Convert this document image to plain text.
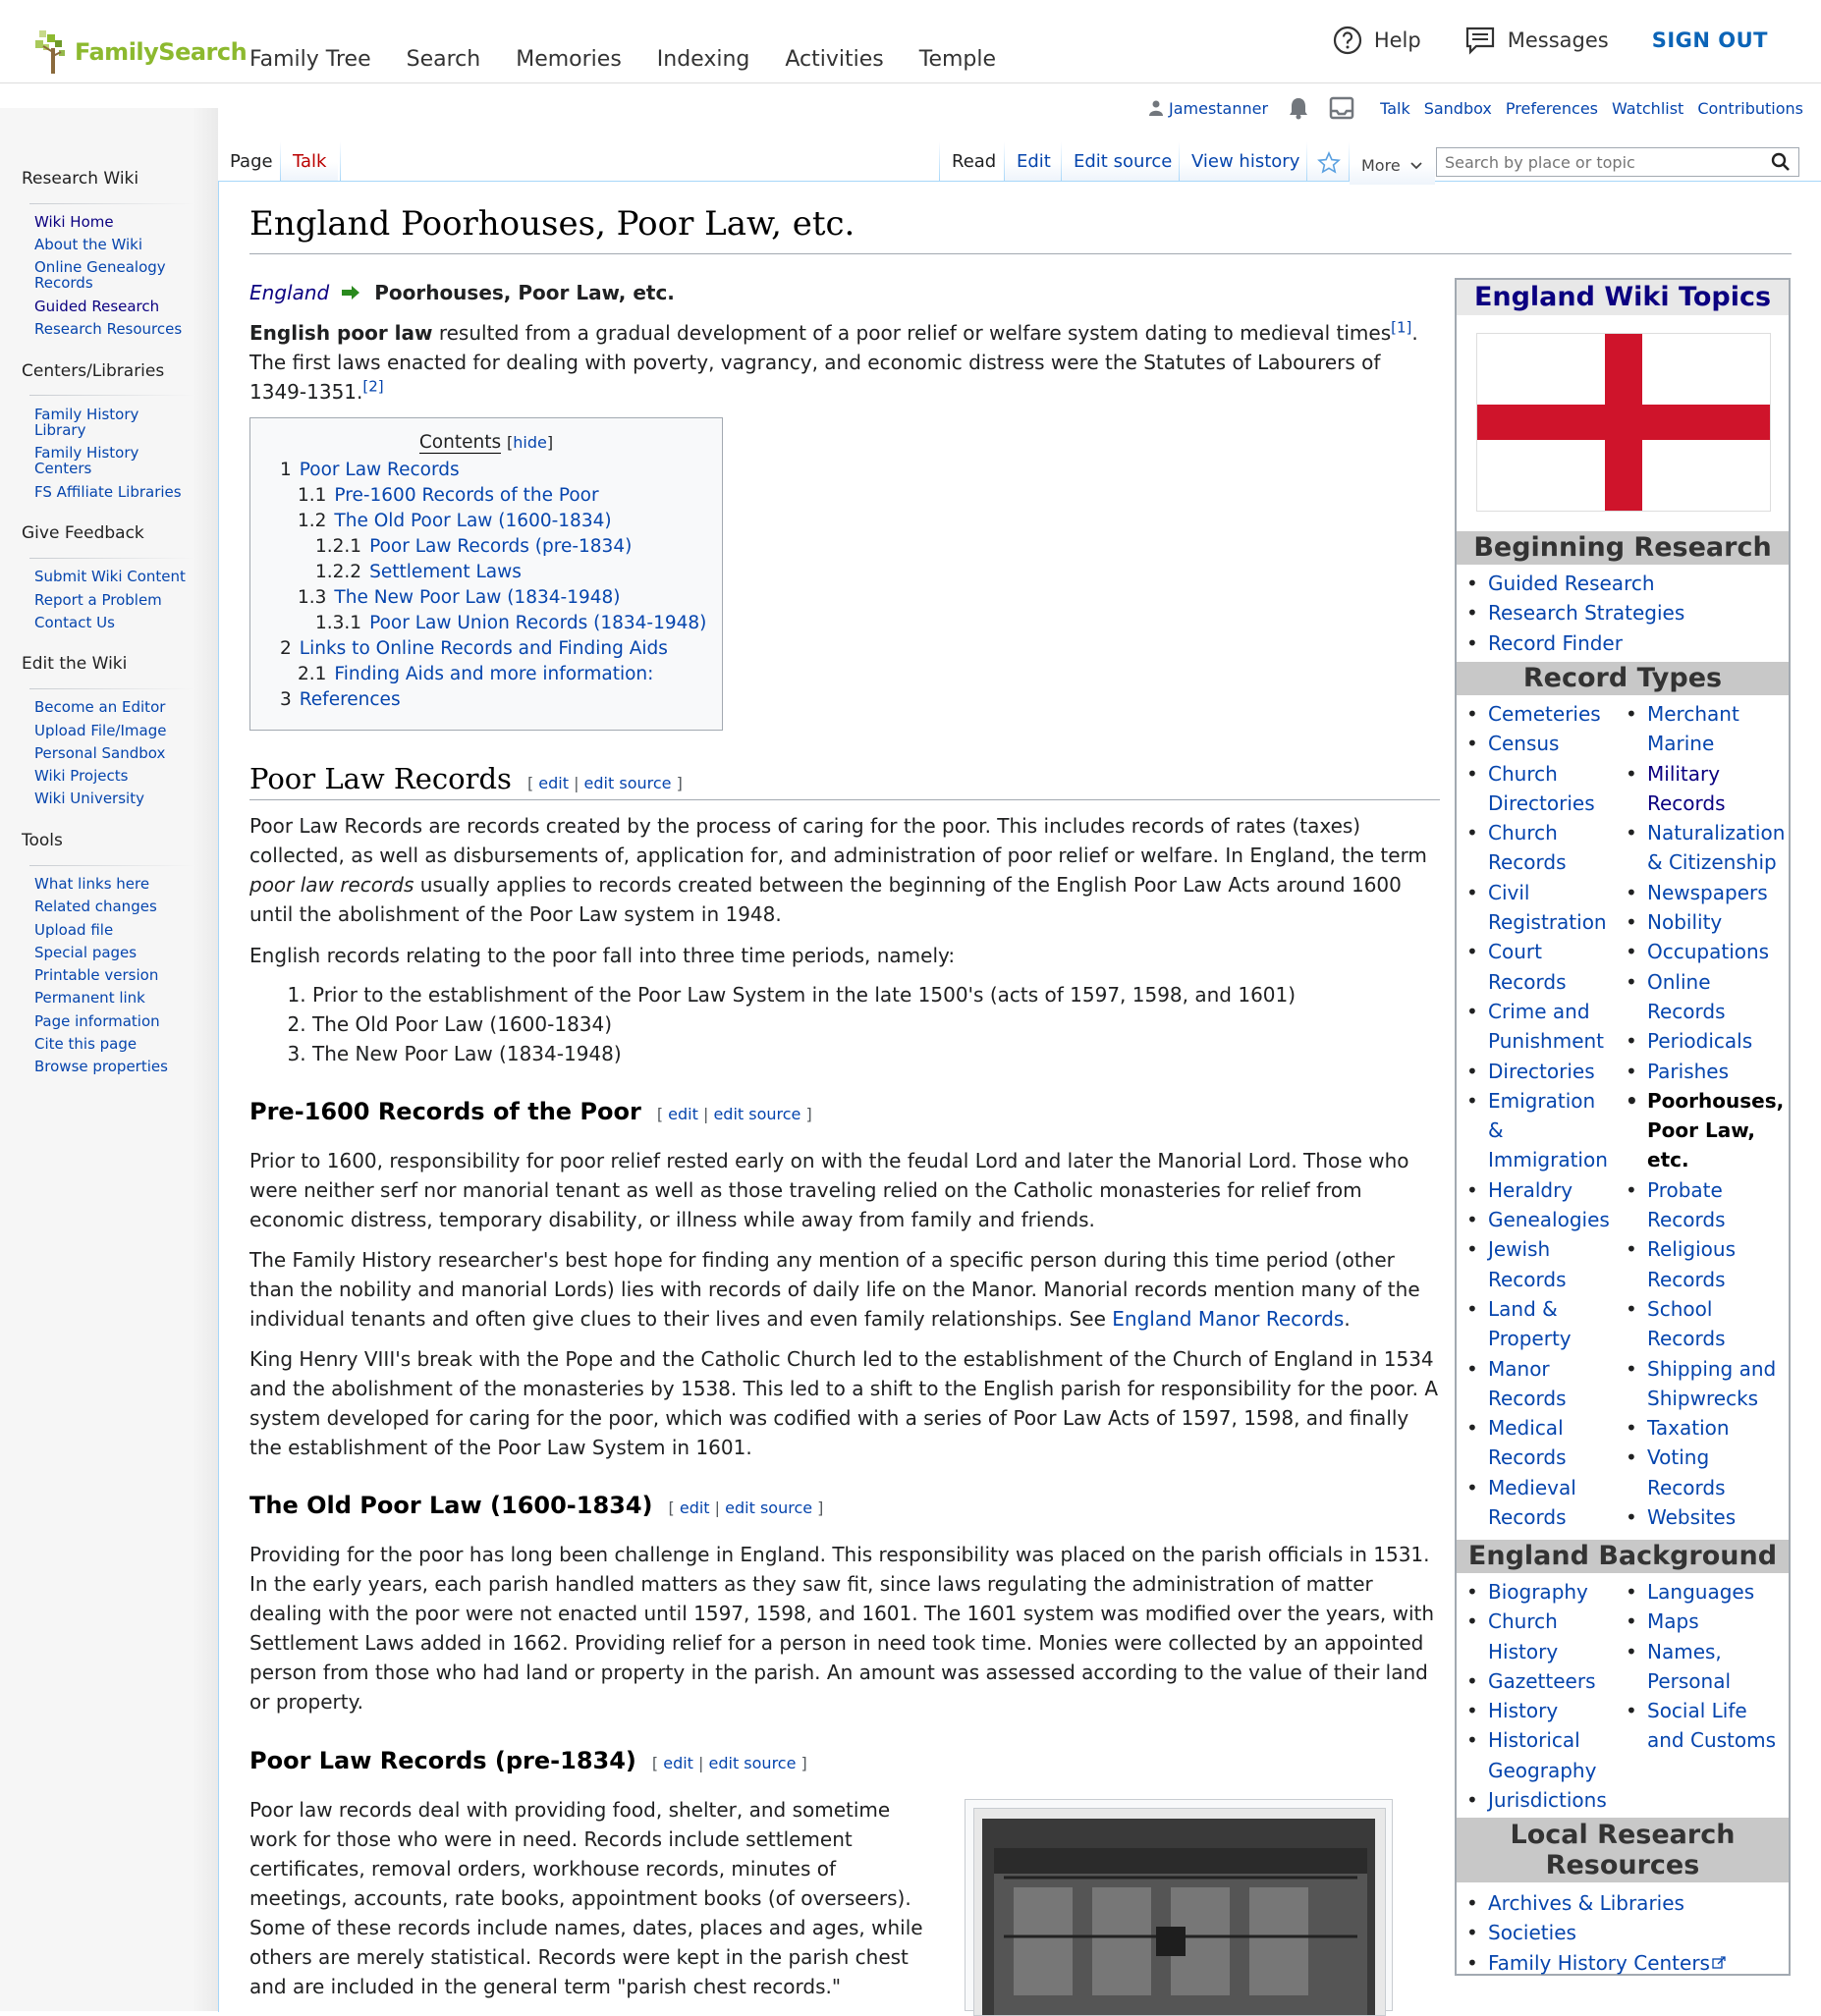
FamilySearch Family Tree Search Memories Indexing Activities Temple
Help	Messages SIGN OUT
Jamestanner	Talk Sandbox Preferences Watchlist Contributions
Research Wiki
Wiki Home
About the Wiki
Online Genealogy Records
Guided Research
Research Resources
Centers/Libraries
Family History Library
Family History Centers
FS Affiliate Libraries
Give Feedback
Submit Wiki Content
Report a Problem
Contact Us
Edit the Wiki
Become an Editor
Upload File/Image
Personal Sandbox
Wiki Projects
Wiki University
Tools
What links here
Related changes
Upload file
Special pages
Printable version
Permanent link
Page information
Cite this page
Browse properties
Page	Talk	Read	Edit	Edit source	View history	More
Search by place or topic
England Poorhouses, Poor Law, etc.
England Poorhouses, Poor Law, etc.

English poor law resulted from a gradual development of a poor relief or welfare system dating to medieval times[1]. The first laws enacted for dealing with poverty, vagrancy, and economic distress were the Statutes of Labourers of 1349-1351.[2]

Contents [hide]
1 Poor Law Records
1.1 Pre-1600 Records of the Poor
1.2 The Old Poor Law (1600-1834)
1.2.1 Poor Law Records (pre-1834)
1.2.2 Settlement Laws
1.3 The New Poor Law (1834-1948)
1.3.1 Poor Law Union Records (1834-1948)
2 Links to Online Records and Finding Aids
2.1 Finding Aids and more information:
3 References
Poor Law Records [ edit | edit source ]

Poor Law Records are records created by the process of caring for the poor. This includes records of rates (taxes) collected, as well as disbursements of, application for, and administration of poor relief or welfare. In England, the term poor law records usually applies to records created between the beginning of the English Poor Law Acts around 1600 until the abolishment of the Poor Law system in 1948.

English records relating to the poor fall into three time periods, namely:
1. Prior to the establishment of the Poor Law System in the late 1500's (acts of 1597, 1598, and 1601)
2. The Old Poor Law (1600-1834)
3. The New Poor Law (1834-1948)
Pre-1600 Records of the Poor [ edit | edit source ]
Prior to 1600, responsibility for poor relief rested early on with the feudal Lord and later the Manorial Lord. Those who were neither serf nor manorial tenant as well as those traveling relied on the Catholic monasteries for relief from economic distress, temporary disability, or illness while away from family and friends.

The Family History researcher's best hope for finding any mention of a specific person during this time period (other than the nobility and manorial Lords) lies with records of daily life on the Manor. Manorial records mention many of the individual tenants and often give clues to their lives and even family relationships. See England Manor Records.

King Henry VIII's break with the Pope and the Catholic Church led to the establishment of the Church of England in 1534 and the abolishment of the monasteries by 1538. This led to a shift to the English parish for responsibility for the poor. A system developed for caring for the poor, which was codified with a series of Poor Law Acts of 1597, 1598, and finally the establishment of the Poor Law System in 1601.
The Old Poor Law (1600-1834) [ edit | edit source ]
Providing for the poor has long been challenge in England. This responsibility was placed on the parish officials in 1531. In the early years, each parish handled matters as they saw fit, since laws regulating the administration of matter dealing with the poor were not enacted until 1597, 1598, and 1601. The 1601 system was modified over the years, with Settlement Laws added in 1662. Providing relief for a person in need took time. Monies were collected by an appointed person from those who had land or property in the parish. An amount was assessed according to the value of their land or property.
Poor Law Records (pre-1834) [ edit | edit source ]
Poor law records deal with providing food, shelter, and sometime work for those who were in need. Records include settlement certificates, removal orders, workhouse records, minutes of meetings, accounts, rate books, appointment books (of overseers). Some of these records include names, dates, places and ages, while others are merely statistical. Records were kept in the parish chest and are included in the general term "parish chest records."
England Wiki Topics
Beginning Research
• Guided Research
• Research Strategies
• Record Finder
Record Types
• Cemeteries
• Census
• Church
Directories
• Church
Records
• Civil
Registration
• Court
Records
• Crime and
Punishment
• Directories
• Emigration
&
Immigration
• Heraldry
• Genealogies
• Jewish
Records
• Land &
Property
• Manor
Records
• Medical
Records
• Medieval
Records
• Merchant
Marine
• Military
Records
• Naturalization
& Citizenship
• Newspapers
• Nobility
• Occupations
• Online
Records
• Periodicals
• Parishes
• Poorhouses,
Poor Law,
etc.
• Probate
Records
• Religious
Records
• School
Records
• Shipping and
Shipwrecks
• Taxation
• Voting
Records
• Websites
England Background
• Biography
• Church
History
• Gazetteers
• History
• Historical
Geography
• Jurisdictions
• Languages
• Maps
• Names,
Personal
• Social Life
and Customs
Local Research
Resources
• Archives & Libraries
• Societies
• Family History Centers
